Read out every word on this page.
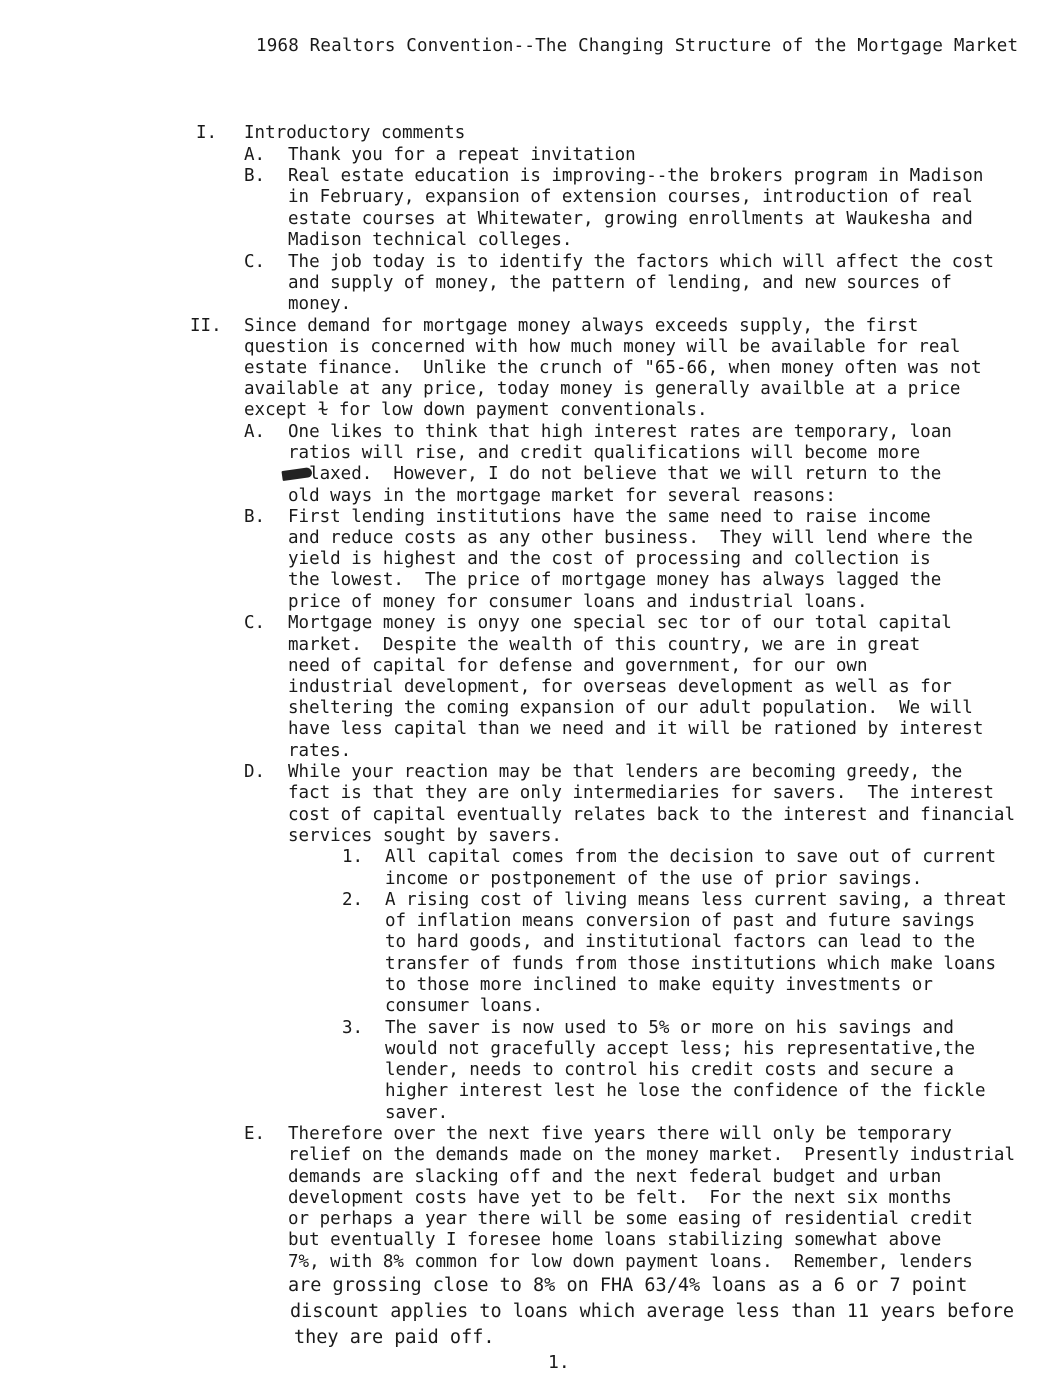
1968 Realtors Convention--The Changing Structure of the Mortgage Market
I. Introductory comments
A. Thank you for a repeat invitation
B. Real estate education is improving--the brokers program in Madison
in February, expansion of extension courses, introduction of real
estate courses at Whitewater, growing enrollments at Waukesha and
Madison technical colleges.
C. The job today is to identify the factors which will affect the cost
and supply of money, the pattern of lending, and new sources of
money.
II. Since demand for mortgage money always exceeds supply, the first
question is concerned with how much money will be available for real
estate finance.  Unlike the crunch of "65-66, when money often was not
available at any price, today money is generally availble at a price
except ɫ for low down payment conventionals.
A. One likes to think that high interest rates are temporary, loan
ratios will rise, and credit qualifications will become more
laxed.  However, I do not believe that we will return to the
old ways in the mortgage market for several reasons:
B. First lending institutions have the same need to raise income
and reduce costs as any other business.  They will lend where the
yield is highest and the cost of processing and collection is
the lowest.  The price of mortgage money has always lagged the
price of money for consumer loans and industrial loans.
C. Mortgage money is onyy one special sec tor of our total capital
market.  Despite the wealth of this country, we are in great
need of capital for defense and government, for our own
industrial development, for overseas development as well as for
sheltering the coming expansion of our adult population.  We will
have less capital than we need and it will be rationed by interest
rates.
D. While your reaction may be that lenders are becoming greedy, the
fact is that they are only intermediaries for savers.  The interest
cost of capital eventually relates back to the interest and financial
services sought by savers.
1. All capital comes from the decision to save out of current
income or postponement of the use of prior savings.
2. A rising cost of living means less current saving, a threat
of inflation means conversion of past and future savings
to hard goods, and institutional factors can lead to the
transfer of funds from those institutions which make loans
to those more inclined to make equity investments or
consumer loans.
3. The saver is now used to 5% or more on his savings and
would not gracefully accept less; his representative,the
lender, needs to control his credit costs and secure a
higher interest lest he lose the confidence of the fickle
saver.
E. Therefore over the next five years there will only be temporary
relief on the demands made on the money market.  Presently industrial
demands are slacking off and the next federal budget and urban
development costs have yet to be felt.  For the next six months
or perhaps a year there will be some easing of residential credit
but eventually I foresee home loans stabilizing somewhat above
7%, with 8% common for low down payment loans.  Remember, lenders
are grossing close to 8% on FHA 63/4% loans as a 6 or 7 point
discount applies to loans which average less than 11 years before
they are paid off.
1.
